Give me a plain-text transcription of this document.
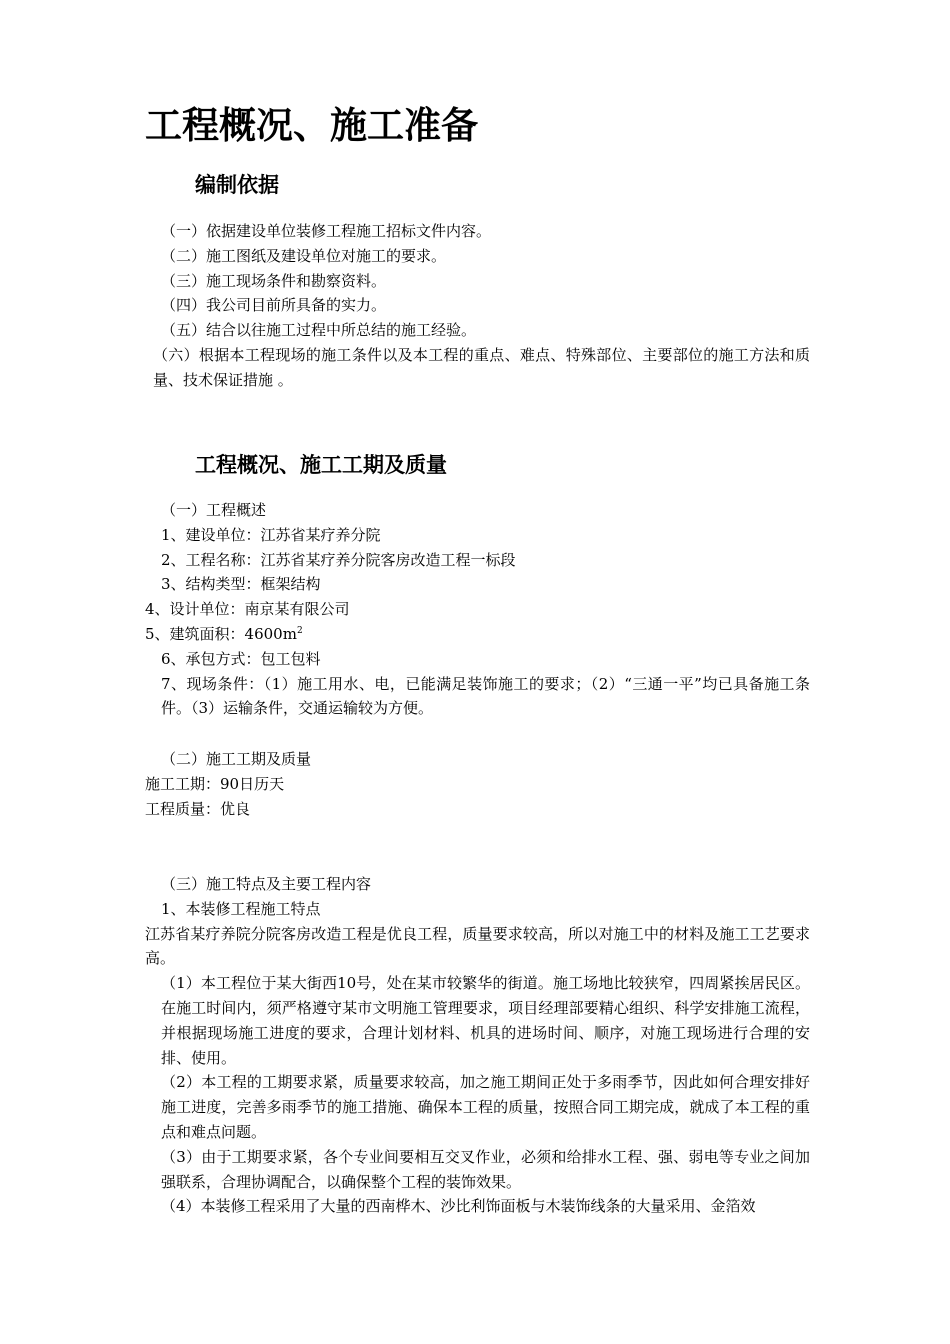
工程概况、施工准备
编制依据
（一）依据建设单位装修工程施工招标文件内容。
（二）施工图纸及建设单位对施工的要求。
（三）施工现场条件和勘察资料。
（四）我公司目前所具备的实力。
（五）结合以往施工过程中所总结的施工经验。
（六）根据本工程现场的施工条件以及本工程的重点、难点、特殊部位、主要部位的施工方法和质量、技术保证措施 。
工程概况、施工工期及质量
（一）工程概述
1、建设单位：江苏省某疗养分院
2、工程名称：江苏省某疗养分院客房改造工程一标段
3、结构类型：框架结构
4、设计单位：南京某有限公司
5、建筑面积：$4600m^2$
6、承包方式：包工包料
7、现场条件：（1）施工用水、电，已能满足装饰施工的要求；（2）“三通一平”均已具备施工条件。（3）运输条件，交通运输较为方便。
（二）施工工期及质量
施工工期：90日历天
工程质量：优良
（三）施工特点及主要工程内容
1、本装修工程施工特点
江苏省某疗养院分院客房改造工程是优良工程，质量要求较高，所以对施工中的材料及施工工艺要求高。
（1）本工程位于某大街西10号，处在某市较繁华的街道。施工场地比较狭窄，四周紧挨居民区。在施工时间内，须严格遵守某市文明施工管理要求，项目经理部要精心组织、科学安排施工流程，并根据现场施工进度的要求，合理计划材料、机具的进场时间、顺序，对施工现场进行合理的安排、使用。
（2）本工程的工期要求紧，质量要求较高，加之施工期间正处于多雨季节，因此如何合理安排好施工进度，完善多雨季节的施工措施、确保本工程的质量，按照合同工期完成，就成了本工程的重点和难点问题。
（3）由于工期要求紧，各个专业间要相互交叉作业，必须和给排水工程、强、弱电等专业之间加强联系，合理协调配合，以确保整个工程的装饰效果。
（4）本装修工程采用了大量的西南桦木、沙比利饰面板与木装饰线条的大量采用、金箔效
